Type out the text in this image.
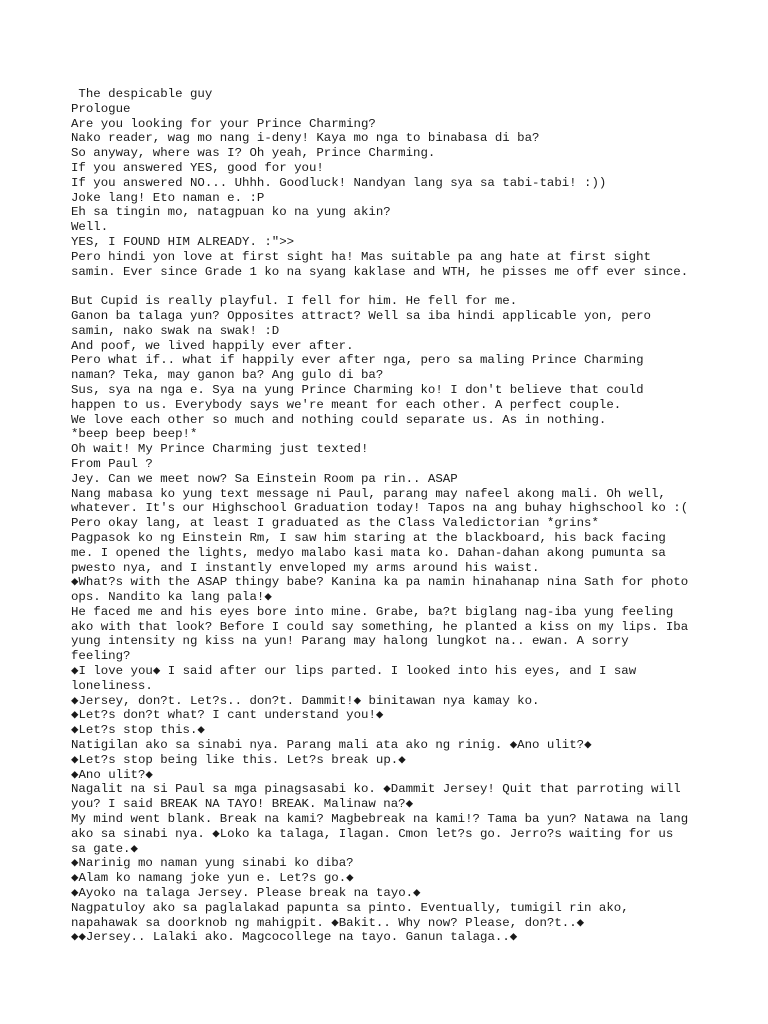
The despicable guy
Prologue
Are you looking for your Prince Charming?
Nako reader, wag mo nang i-deny! Kaya mo nga to binabasa di ba?
So anyway, where was I? Oh yeah, Prince Charming.
If you answered YES, good for you!
If you answered NO... Uhhh. Goodluck! Nandyan lang sya sa tabi-tabi! :))
Joke lang! Eto naman e. :P
Eh sa tingin mo, natagpuan ko na yung akin?
Well.
YES, I FOUND HIM ALREADY. :">>
Pero hindi yon love at first sight ha! Mas suitable pa ang hate at first sight
samin. Ever since Grade 1 ko na syang kaklase and WTH, he pisses me off ever since.
But Cupid is really playful. I fell for him. He fell for me.
Ganon ba talaga yun? Opposites attract? Well sa iba hindi applicable yon, pero
samin, nako swak na swak! :D
And poof, we lived happily ever after.
Pero what if.. what if happily ever after nga, pero sa maling Prince Charming
naman? Teka, may ganon ba? Ang gulo di ba?
Sus, sya na nga e. Sya na yung Prince Charming ko! I don't believe that could
happen to us. Everybody says we're meant for each other. A perfect couple.
We love each other so much and nothing could separate us. As in nothing.
*beep beep beep!*
Oh wait! My Prince Charming just texted!
From Paul ?
Jey. Can we meet now? Sa Einstein Room pa rin.. ASAP
Nang mabasa ko yung text message ni Paul, parang may nafeel akong mali. Oh well,
whatever. It's our Highschool Graduation today! Tapos na ang buhay highschool ko :(
Pero okay lang, at least I graduated as the Class Valedictorian *grins*
Pagpasok ko ng Einstein Rm, I saw him staring at the blackboard, his back facing
me. I opened the lights, medyo malabo kasi mata ko. Dahan-dahan akong pumunta sa
pwesto nya, and I instantly enveloped my arms around his waist.
◆What?s with the ASAP thingy babe? Kanina ka pa namin hinahanap nina Sath for photo
ops. Nandito ka lang pala!◆
He faced me and his eyes bore into mine. Grabe, ba?t biglang nag-iba yung feeling
ako with that look? Before I could say something, he planted a kiss on my lips. Iba
yung intensity ng kiss na yun! Parang may halong lungkot na.. ewan. A sorry
feeling?
◆I love you◆ I said after our lips parted. I looked into his eyes, and I saw
loneliness.
◆Jersey, don?t. Let?s.. don?t. Dammit!◆ binitawan nya kamay ko.
◆Let?s don?t what? I cant understand you!◆
◆Let?s stop this.◆
Natigilan ako sa sinabi nya. Parang mali ata ako ng rinig. ◆Ano ulit?◆
◆Let?s stop being like this. Let?s break up.◆
◆Ano ulit?◆
Nagalit na si Paul sa mga pinagsasabi ko. ◆Dammit Jersey! Quit that parroting will
you? I said BREAK NA TAYO! BREAK. Malinaw na?◆
My mind went blank. Break na kami? Magbebreak na kami!? Tama ba yun? Natawa na lang
ako sa sinabi nya. ◆Loko ka talaga, Ilagan. Cmon let?s go. Jerro?s waiting for us
sa gate.◆
◆Narinig mo naman yung sinabi ko diba?
◆Alam ko namang joke yun e. Let?s go.◆
◆Ayoko na talaga Jersey. Please break na tayo.◆
Nagpatuloy ako sa paglalakad papunta sa pinto. Eventually, tumigil rin ako,
napahawak sa doorknob ng mahigpit. ◆Bakit.. Why now? Please, don?t..◆
◆◆Jersey.. Lalaki ako. Magcocollege na tayo. Ganun talaga..◆
